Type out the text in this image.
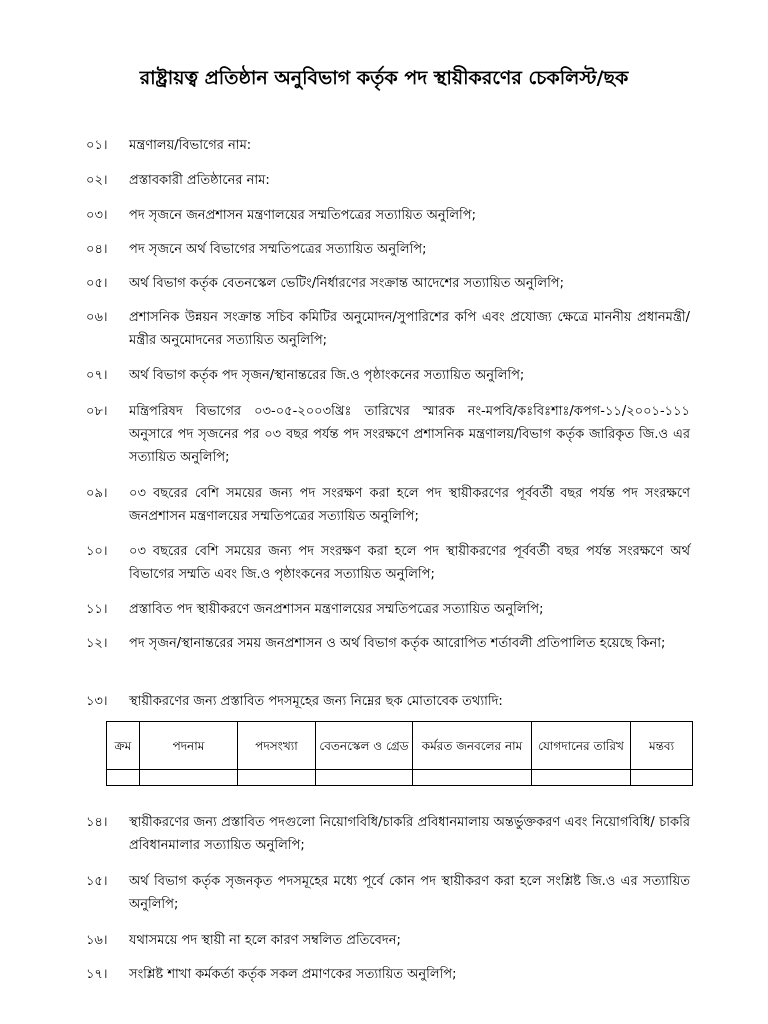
রাষ্ট্রায়ত্ব প্রতিষ্ঠান অনুবিভাগ কর্তৃক পদ স্থায়ীকরণের চেকলিস্ট/ছক
০১।	মন্ত্রণালয়/বিভাগের নাম:
০২।	প্রস্তাবকারী প্রতিষ্ঠানের নাম:
০৩।	পদ সৃজনে জনপ্রশাসন মন্ত্রণালয়ের সম্মতিপত্রের সত্যায়িত অনুলিপি;
০৪।	পদ সৃজনে অর্থ বিভাগের সম্মতিপত্রের সত্যায়িত অনুলিপি;
০৫।	অর্থ বিভাগ কর্তৃক বেতনস্কেল ভেটিং/নির্ধারণের সংক্রান্ত আদেশের সত্যায়িত অনুলিপি;
০৬।	প্রশাসনিক উন্নয়ন সংক্রান্ত সচিব কমিটির অনুমোদন/সুপারিশের কপি এবং প্রযোজ্য ক্ষেত্রে মাননীয় প্রধানমন্ত্রী/মন্ত্রীর অনুমোদনের সত্যায়িত অনুলিপি;
০৭।	অর্থ বিভাগ কর্তৃক পদ সৃজন/স্থানান্তরের জি.ও পৃষ্ঠাংকনের সত্যায়িত অনুলিপি;
০৮।	মন্ত্রিপরিষদ বিভাগের ০৩-০৫-২০০৩খ্রিঃ তারিখের স্মারক নং-মপবি/কঃবিঃশাঃ/কপগ-১১/২০০১-১১১ অনুসারে পদ সৃজনের পর ০৩ বছর পর্যন্ত পদ সংরক্ষণে প্রশাসনিক মন্ত্রণালয়/বিভাগ কর্তৃক জারিকৃত জি.ও এর সত্যায়িত অনুলিপি;
০৯।	০৩ বছরের বেশি সময়ের জন্য পদ সংরক্ষণ করা হলে পদ স্থায়ীকরণের পূর্ববর্তী বছর পর্যন্ত পদ সংরক্ষণে জনপ্রশাসন মন্ত্রণালয়ের সম্মতিপত্রের সত্যায়িত অনুলিপি;
১০।	০৩ বছরের বেশি সময়ের জন্য পদ সংরক্ষণ করা হলে পদ স্থায়ীকরণের পূর্ববর্তী বছর পর্যন্ত সংরক্ষণে অর্থ বিভাগের সম্মতি এবং জি.ও পৃষ্ঠাংকনের সত্যায়িত অনুলিপি;
১১।	প্রস্তাবিত পদ স্থায়ীকরণে জনপ্রশাসন মন্ত্রণালয়ের সম্মতিপত্রের সত্যায়িত অনুলিপি;
১২।	পদ সৃজন/স্থানান্তরের সময় জনপ্রশাসন ও অর্থ বিভাগ কর্তৃক আরোপিত শর্তাবলী প্রতিপালিত হয়েছে কিনা;
১৩।	স্থায়ীকরণের জন্য প্রস্তাবিত পদসমূহের জন্য নিম্নের ছক মোতাবেক তথ্যাদি:
ক্রম	পদনাম	পদসংখ্যা	বেতনস্কেল ও গ্রেড	কর্মরত জনবলের নাম	যোগদানের তারিখ	মন্তব্য

১৪।	স্থায়ীকরণের জন্য প্রস্তাবিত পদগুলো নিয়োগবিধি/চাকরি প্রবিধানমালায় অন্তর্ভুক্তকরণ এবং নিয়োগবিধি/ চাকরি প্রবিধানমালার সত্যায়িত অনুলিপি;
১৫।	অর্থ বিভাগ কর্তৃক সৃজনকৃত পদসমূহের মধ্যে পূর্বে কোন পদ স্থায়ীকরণ করা হলে সংশ্লিষ্ট জি.ও এর সত্যায়িত অনুলিপি;
১৬।	যথাসময়ে পদ স্থায়ী না হলে কারণ সম্বলিত প্রতিবেদন;
১৭।	সংশ্লিষ্ট শাখা কর্মকর্তা কর্তৃক সকল প্রমাণকের সত্যায়িত অনুলিপি;
